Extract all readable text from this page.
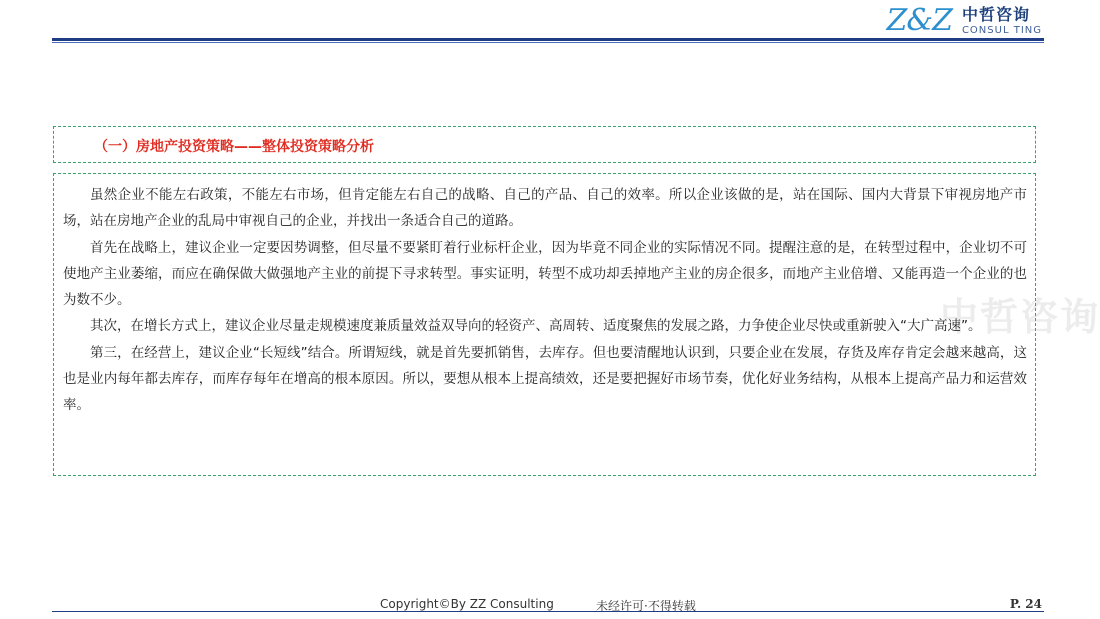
Z&Z 中哲咨询
CONSUL TING
中哲咨询
（一）房地产投资策略——整体投资策略分析

虽然企业不能左右政策，不能左右市场，但肯定能左右自己的战略、自己的产品、自己的效率。所以企业该做的是，站在国际、国内大背景下审视房地产市场，站在房地产企业的乱局中审视自己的企业，并找出一条适合自己的道路。

首先在战略上，建议企业一定要因势调整，但尽量不要紧盯着行业标杆企业，因为毕竟不同企业的实际情况不同。提醒注意的是，在转型过程中，企业切不可使地产主业萎缩，而应在确保做大做强地产主业的前提下寻求转型。事实证明，转型不成功却丢掉地产主业的房企很多，而地产主业倍增、又能再造一个企业的也为数不少。

其次，在增长方式上，建议企业尽量走规模速度兼质量效益双导向的轻资产、高周转、适度聚焦的发展之路，力争使企业尽快或重新驶入“大广高速”。

第三，在经营上，建议企业“长短线”结合。所谓短线，就是首先要抓销售，去库存。但也要清醒地认识到，只要企业在发展，存货及库存肯定会越来越高，这也是业内每年都去库存，而库存每年在增高的根本原因。所以，要想从根本上提高绩效，还是要把握好市场节奏，优化好业务结构，从根本上提高产品力和运营效率。

Copyright©By ZZ Consulting	未经许可·不得转载	P. 24
